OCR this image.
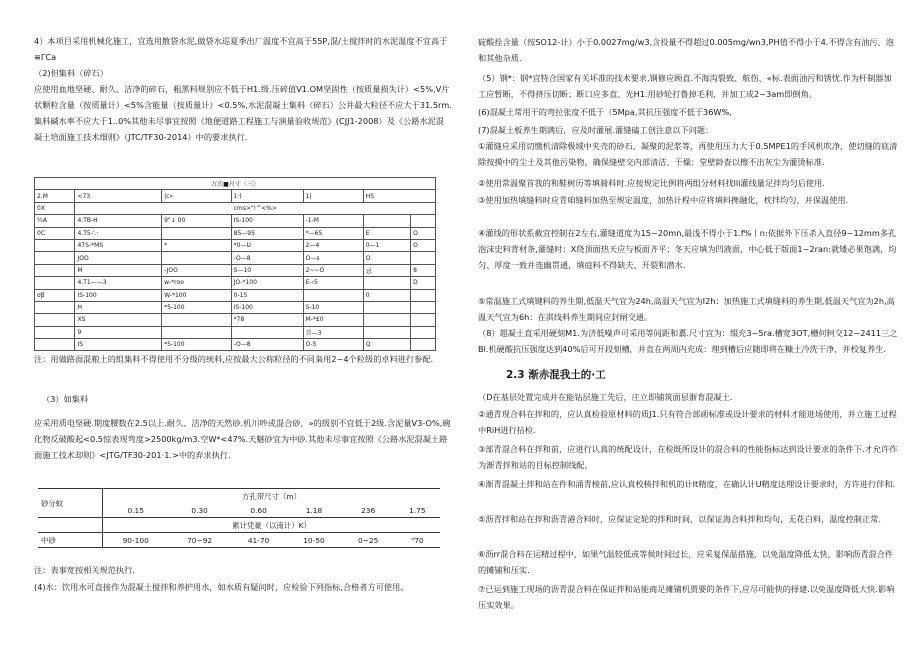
4）本项目采用机械化施工，宜选用散袋水泥,做袋水巡夏季出厂温度不宜高于55P,混/土搅拌时的水泥温度不宜高于≡ΓCa

（2)但集料（碎石）

应使用血地坚硬、耐久、洁净的碎石，粗黑料规别应不低于H1.级.压碎值V1.OM坚固性（按质量损失计）<5%,V片状颗粒含量（按质量计）<5%含能量（按质量计）<0.5%,水泥混凝土集料（碎石）公并最大粒径不应大于31.5rm.集料碱水率不应大于1..0%其他未尽事宜按照《地便道路工程施工与演量验收规范》(CJJ1-2008）及《公路水泥混凝土培面施工技术细则》（JTC/TF30-2014）中的要求执行.

万次■尺寸〈三〉						
2.M	<73	|c»	1·)	1|	HS	
0X	cms>"!^<%>					
½A	4.TB-H	9"↓ 00	IS-100	-1-M		
0C	4.T5-'.·		85—95	*—65	E	O
	47S-*MS	*	*0—U	2—4	0—1	O
	JOO		-O—8	O—s	O	
	M	-JOO	S—10	2~~O	忌	8
	4.T1——3	w-*roo	JO-*100	E-‹5		D
σβ	IS-100	W-*100	0-15		0	
	H	*5-100	IS-100	S-10		
	XS		*78	M-*£0		
	9			首—3		
	IS	*5-100	-O—8	O-5	Q	

注：用做路面混粮土的组集料不得使用不分级的统料,应按最大公称粒径的不同枭用2~4个粒级的卓料进行参配.

（3）如集料

应采用质电坚硬.期度腰数在2.5以上.耐久、洁净的天然砂.机川吵或混合砂，»的级别不宜低于2级.含泥量V3-O%,碗化物反破酸起<0.5惊表现弯度>2500kg/m3.空W*<47%.天魅砂宜为中砂.其他未尽事宜按照《公路水泥混凝土路面施工技术却则》<JTG/TF30-201·1.>中的弃求执行.

砂分蚊	方孔带尺寸（m）					
	0.15	0.30	0.60	1.18	236	1.75
	累计凭豪（以南计）K）					
中砂	90-100	70~92	41-70	10-50	0~25	"70

注：表事宽按相关规范执行.

(4)水：饮用水可直接作为混凝土搅拌和养护用水，如水质有疑问时，应检验下列指标,合格者方可使用。

碇酸拴含量（按SO12-计）小于0.0027mg/w3,含投量不得超过0.005mg/wn3,PH值不得小于4.不得含有油污、泡和其他杂质.

（5）钢*：钢*宜特合国家有关坏准的技术要求,钢修应顾直.不海沟裂致、航伤、«标.表面油污和锈忧.作为杆制器加工应暂断，不得挤压切断；断口应多直、光H1.用砂轮打鲁掉毛利，并加工成2~3am即倒角。

(6)混凝土常用干的弯拉张度不低于（5Mpa,其抗压强度不低于36W%,

(7)混凝土板养生期满后，应及时灌展.灌缝磕工创注意以下问题：

①灌缝应采用切缴机清除极域中夹壳的砂石、凝聚的泥浆等，再使用压力大于0.5MPE1的手风机吹净，使切缝的底清除按摸中的尘土及其他污染物，确保缝壁交内部清洁、干燥：堂壁龄查以擦不出灰尘为灌烫标准.

②使用常温聚首我的和鞋树历等填骑料时.应按规定比例将两组分材料找lli灌线量足拌均匀后使用.

③使用加热填缝料时应青咱缝料加热至规定温度，加热计程中应将填料搀融化，枕拌均匀，并保温使用.

④灌线的形状系截宜控制在2左右,灌缝道度为15~20mn,最浅不得小于1.f%丨n:依据外下压杀入直径9~12mm多孔泡沫史料背材条,灌缝时：X绕顶面热天应与板面齐平；冬天应填为凹液面，中心低于版面1~2ran:就矮必果饱满，均匀、厚度一致并连幽贯通，填庭料不得缺夫、开裂和潜水.

⑤常温施工式填键料的养生期,低温天气宜为24h,高温天气宜为I2h：加热施工式填缝料的养生期,低温天气宜为2h,高温天气宜为6h：在淇线料养生期间应封闸交通。

（8）超凝土直采用硬刻M1.为济低噪声可采用等间距和翥.尺寸宜为：缀充3~5ra.槽宽3OT,槽何轲交12~2411三之Bl.机硬酸抗压强度达到40%后可开段刻槽，并直在两周内充成：理到槽后应随即将在糠土冷洗干净，并校复养生.

2.3 渐赤混我土的·工

（D在基层处置完成并在能钻层施工先后，庄立即铺筑面层渐育混凝土.

②通青现合料在拌和的，应认真检验原材料的质J1.只有符合部顽标准或设计要求的材料才能进场使用，并立施工过程中RiH进行拈检.

③部青混合料在拌和前，应进行认真的统配设计，在检既所设计的混合料的性能指标达到设计要求的条件下.才允许作为渐青拌和站的目标控制线配，

④渐青混凝土拌和站在件和涌青棱前,应认真校核拌和机的计It精度，在确认计U精度达理设计要求时，方许进行伴和.

⑤沥青拌和站在拌和沥青港合料时，应保证定轮的拌和时间，以保证海合料拌和均句，无花白料，温度控制正常.

⑥沥rr混合料在运精过程中，如果气温较低或等候时间过长，应采复保温措施，以免温度降低太快，影响沥青混合件的摊铺和压实.

⑦已运到施工现场的沥青混合料在保证拌和站能商足摊铺机贾要的条件下,应尽可能快的择建.以免温度降低大快.影响压实效果。
